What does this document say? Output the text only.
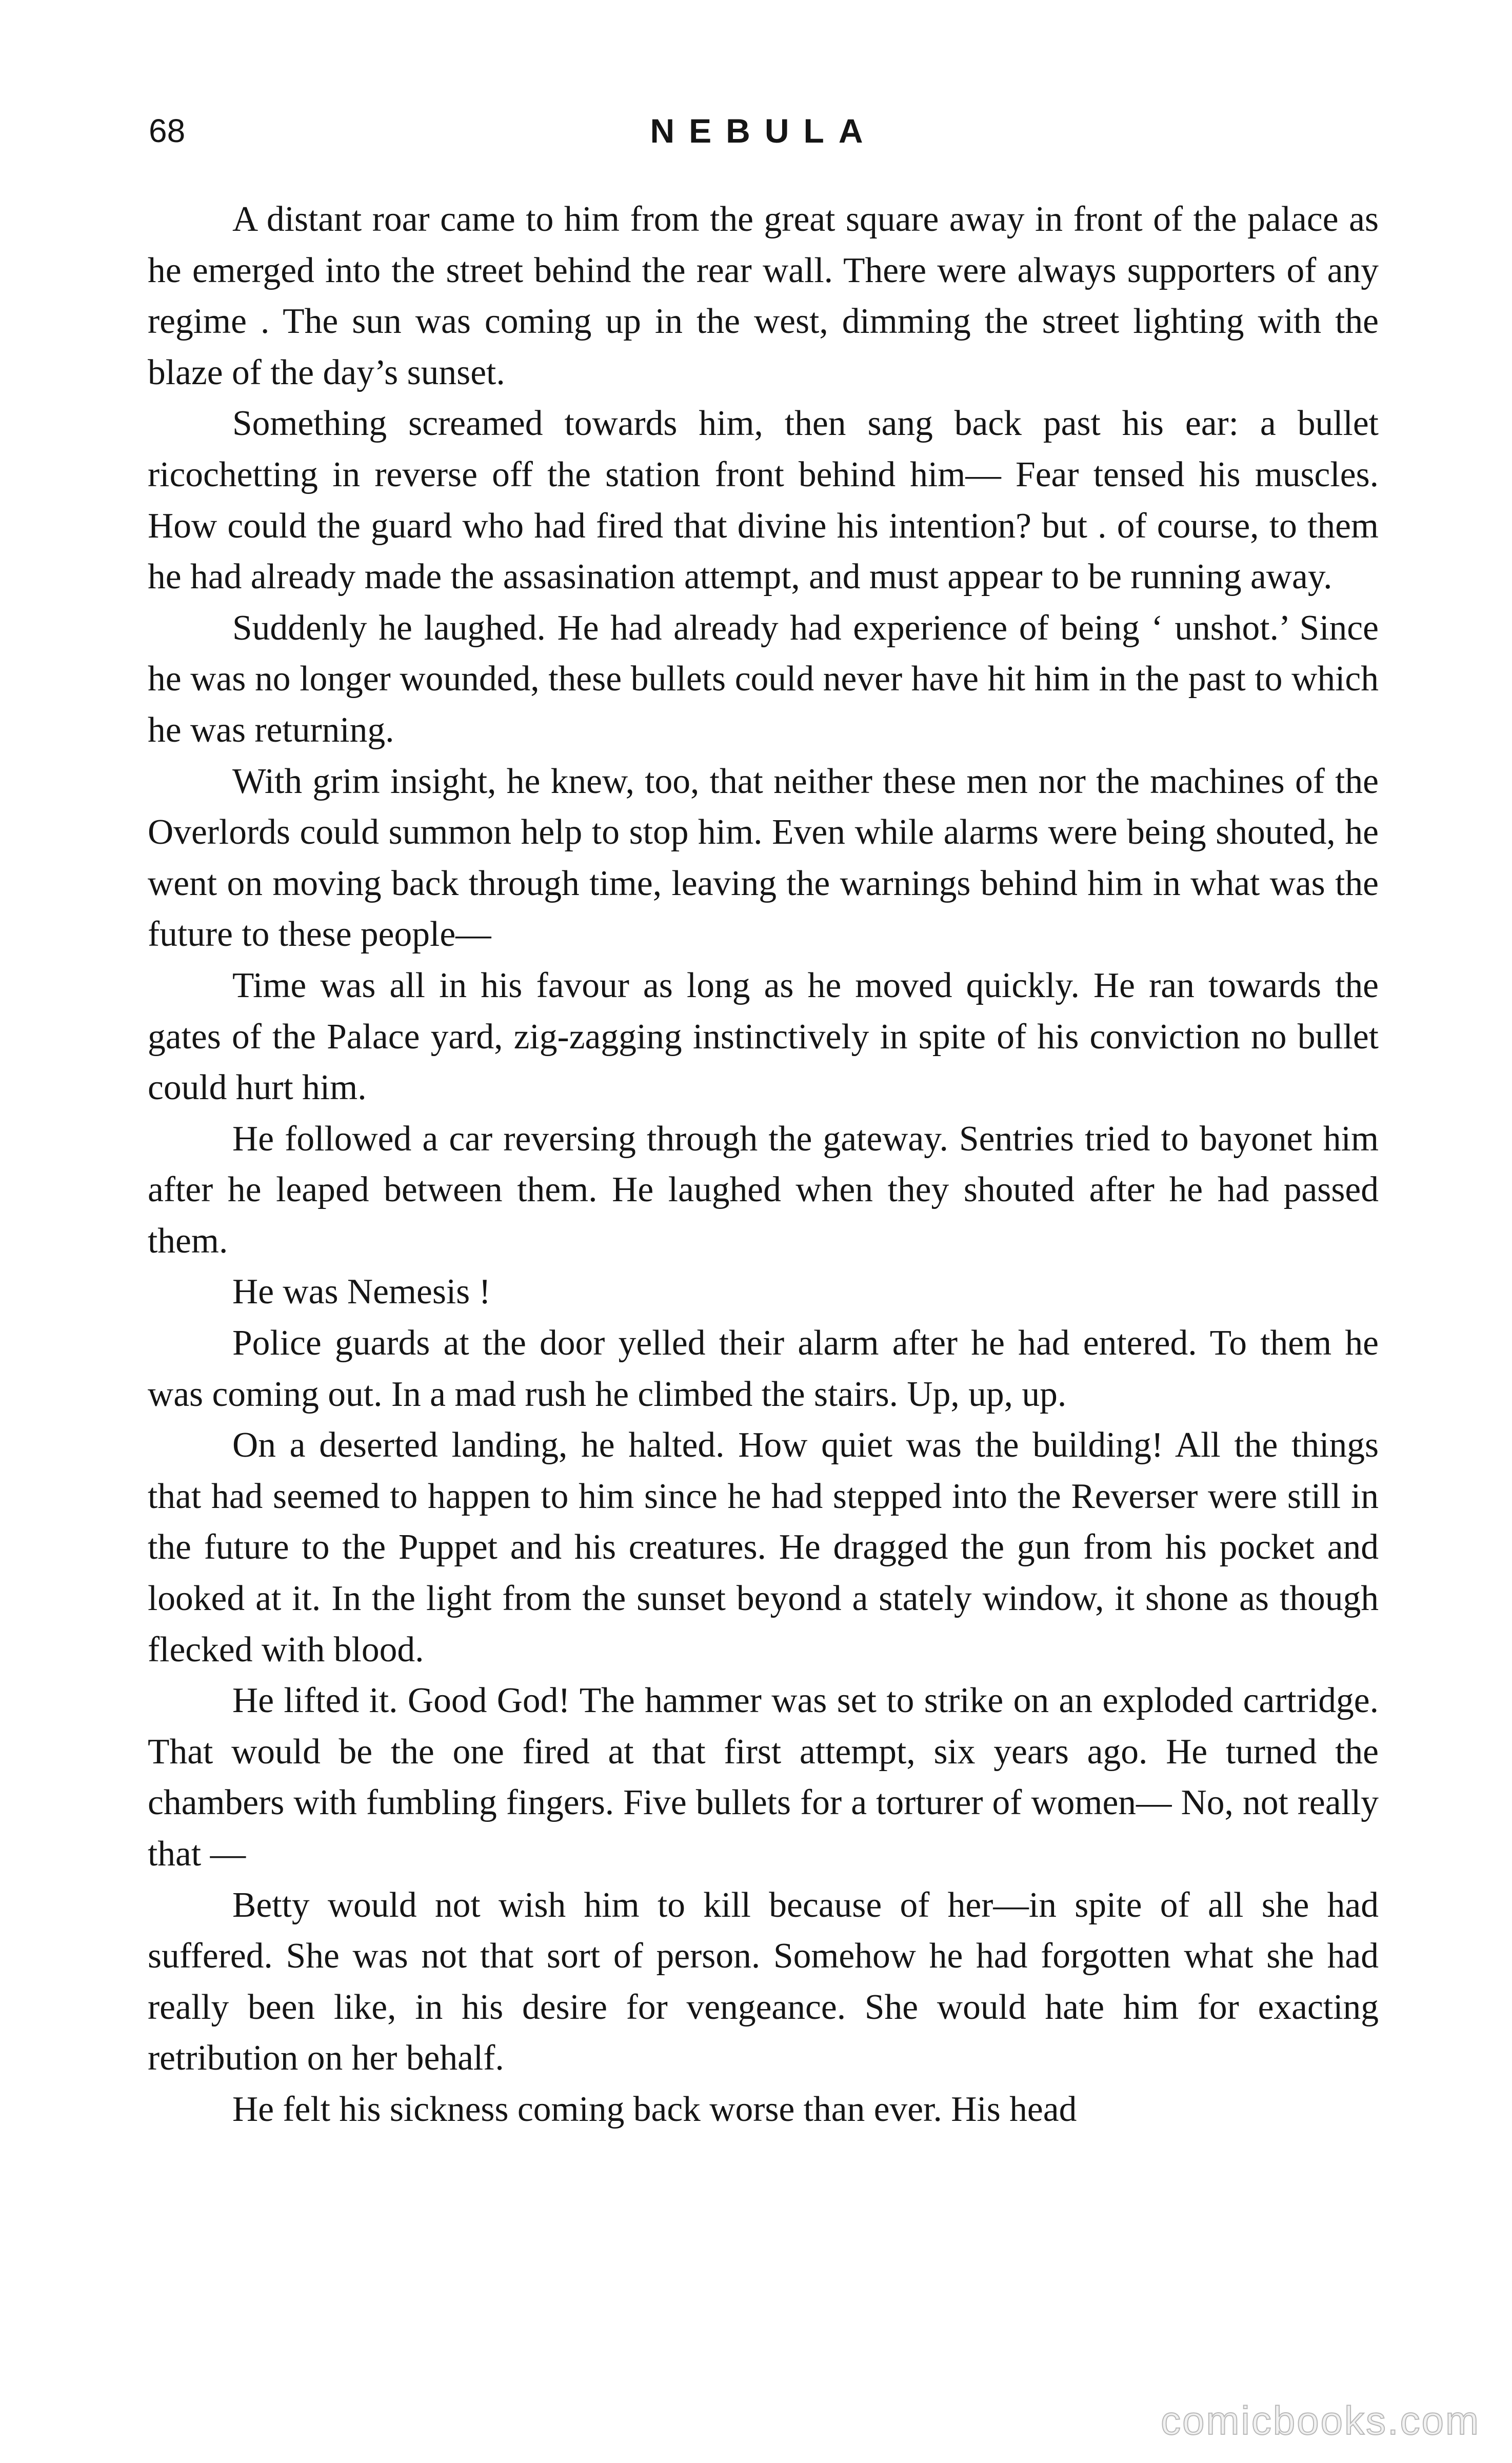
68	NEBULA

A distant roar came to him from the great square away in front of the palace as he emerged into the street behind the rear wall. There were always supporters of any regime . The sun was coming up in the west, dimming the street lighting with the blaze of the day’s sunset.

Something screamed towards him, then sang back past his ear: a bullet ricochetting in reverse off the station front behind him— Fear tensed his muscles. How could the guard who had fired that divine his intention? but . of course, to them he had already made the assasination attempt, and must appear to be running away.

Suddenly he laughed. He had already had experience of being ‘ unshot.’ Since he was no longer wounded, these bullets could never have hit him in the past to which he was returning.

With grim insight, he knew, too, that neither these men nor the machines of the Overlords could summon help to stop him. Even while alarms were being shouted, he went on moving back through time, leaving the warnings behind him in what was the future to these people—

Time was all in his favour as long as he moved quickly. He ran towards the gates of the Palace yard, zig-zagging instinctively in spite of his conviction no bullet could hurt him.

He followed a car reversing through the gateway. Sentries tried to bayonet him after he leaped between them. He laughed when they shouted after he had passed them.

He was Nemesis !

Police guards at the door yelled their alarm after he had entered. To them he was coming out. In a mad rush he climbed the stairs. Up, up, up.

On a deserted landing, he halted. How quiet was the building! All the things that had seemed to happen to him since he had stepped into the Reverser were still in the future to the Puppet and his creatures. He dragged the gun from his pocket and looked at it. In the light from the sunset beyond a stately window, it shone as though flecked with blood.

He lifted it. Good God! The hammer was set to strike on an exploded cartridge. That would be the one fired at that first attempt, six years ago. He turned the chambers with fumbling fingers. Five bullets for a torturer of women— No, not really that —

Betty would not wish him to kill because of her—in spite of all she had suffered. She was not that sort of person. Somehow he had forgotten what she had really been like, in his desire for vengeance. She would hate him for exacting retribution on her behalf.

He felt his sickness coming back worse than ever. His head

comicbooks.com
